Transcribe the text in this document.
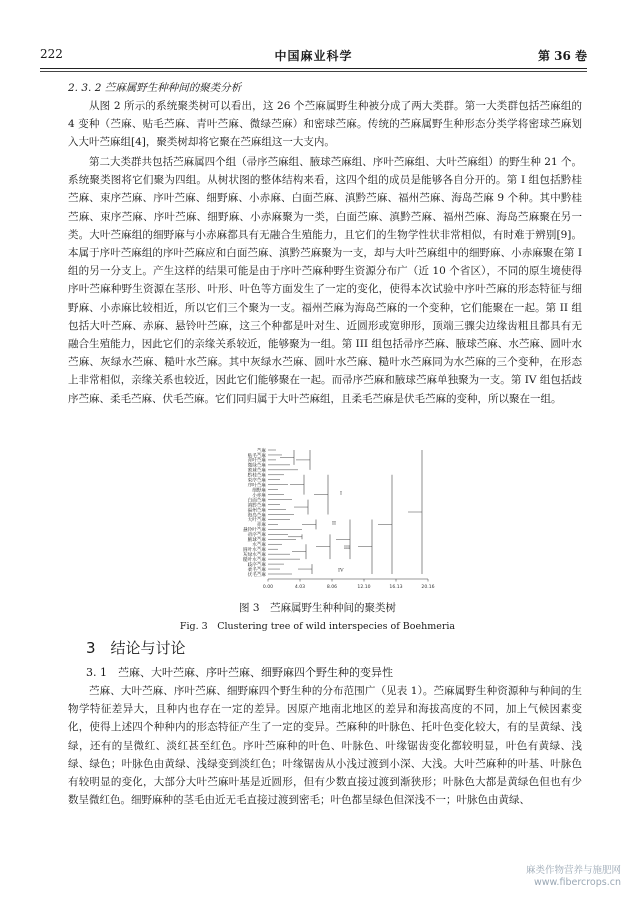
222	中国麻业科学	第 36 卷
2. 3. 2 苎麻属野生种种间的聚类分析

从图 2 所示的系统聚类树可以看出，这 26 个苎麻属野生种被分成了两大类群。第一大类群包括苎麻组的 4 变种（苎麻、贴毛苎麻、青叶苎麻、微绿苎麻）和密球苎麻。传统的苎麻属野生种形态分类学将密球苎麻划入大叶苎麻组[4]，聚类树却将它聚在苎麻组这一大支内。

第二大类群共包括苎麻属四个组（帚序苎麻组、腋球苎麻组、序叶苎麻组、大叶苎麻组）的野生种 21 个。系统聚类图将它们聚为四组。从树状图的整体结构来看，这四个组的成员是能够各自分开的。第 I 组包括黔桂苎麻、束序苎麻、序叶苎麻、细野麻、小赤麻、白面苎麻、滇黔苎麻、福州苎麻、海岛苎麻 9 个种。其中黔桂苎麻、束序苎麻、序叶苎麻、细野麻、小赤麻聚为一类，白面苎麻、滇黔苎麻、福州苎麻、海岛苎麻聚在另一类。大叶苎麻组的细野麻与小赤麻都具有无融合生殖能力，且它们的生物学性状非常相似，有时难于辨别[9]。本属于序叶苎麻组的序叶苎麻应和白面苎麻、滇黔苎麻聚为一支，却与大叶苎麻组中的细野麻、小赤麻聚在第 I 组的另一分支上。产生这样的结果可能是由于序叶苎麻种野生资源分布广（近 10 个省区），不同的原生境使得序叶苎麻种野生资源在茎形、叶形、叶色等方面发生了一定的变化，使得本次试验中序叶苎麻的形态特征与细野麻、小赤麻比较相近，所以它们三个聚为一支。福州苎麻为海岛苎麻的一个变种，它们能聚在一起。第 II 组包括大叶苎麻、赤麻、悬铃叶苎麻，这三个种都是叶对生、近圆形或宽卵形，顶端三骤尖边缘齿粗且都具有无融合生殖能力，因此它们的亲缘关系较近，能够聚为一组。第 III 组包括帚序苎麻、腋球苎麻、水苎麻、圆叶水苎麻、灰绿水苎麻、糙叶水苎麻。其中灰绿水苎麻、圆叶水苎麻、糙叶水苎麻同为水苎麻的三个变种，在形态上非常相似，亲缘关系也较近，因此它们能够聚在一起。而帚序苎麻和腋球苎麻单独聚为一支。第 IV 组包括歧序苎麻、柔毛苎麻、伏毛苎麻。它们同归属于大叶苎麻组，且柔毛苎麻是伏毛苎麻的变种，所以聚在一组。

苎麻
贴毛苎麻
青叶苎麻
微绿苎麻
密球苎麻
黔桂苎麻
束序苎麻
序叶苎麻
细野麻
小赤麻
白面苎麻
滇黔苎麻
福州苎麻
海岛苎麻
大叶苎麻
赤麻
悬铃叶苎麻
帚序苎麻
腋球苎麻
水苎麻
圆叶水苎麻
灰绿水苎麻
糙叶水苎麻
歧序苎麻
柔毛苎麻
伏毛苎麻
I
II
III
IV
0.00	4.03	8.06	12.10	16.13	20.16
图 3　苎麻属野生种种间的聚类树
Fig. 3　Clustering tree of wild interspecies of Boehmeria
3　结论与讨论
3. 1　苎麻、大叶苎麻、序叶苎麻、细野麻四个野生种的变异性

苎麻、大叶苎麻、序叶苎麻、细野麻四个野生种的分布范围广（见表 1）。苎麻属野生种资源种与种间的生物学特征差异大，且种内也存在一定的差异。因原产地南北地区的差异和海拔高度的不同，加上气候因素变化，使得上述四个种种内的形态特征产生了一定的变异。苎麻种的叶脉色、托叶色变化较大，有的呈黄绿、浅绿，还有的呈微红、淡红甚至红色。序叶苎麻种的叶色、叶脉色、叶缘锯齿变化都较明显，叶色有黄绿、浅绿、绿色；叶脉色由黄绿、浅绿变到淡红色；叶缘锯齿从小浅过渡到小深、大浅。大叶苎麻种的叶基、叶脉色有较明显的变化，大部分大叶苎麻叶基是近圆形，但有少数直接过渡到渐狭形；叶脉色大都是黄绿色但也有少数呈微红色。细野麻种的茎毛由近无毛直接过渡到密毛；叶色都呈绿色但深浅不一；叶脉色由黄绿、

麻类作物营养与施肥网
www.fibercrops.cn
